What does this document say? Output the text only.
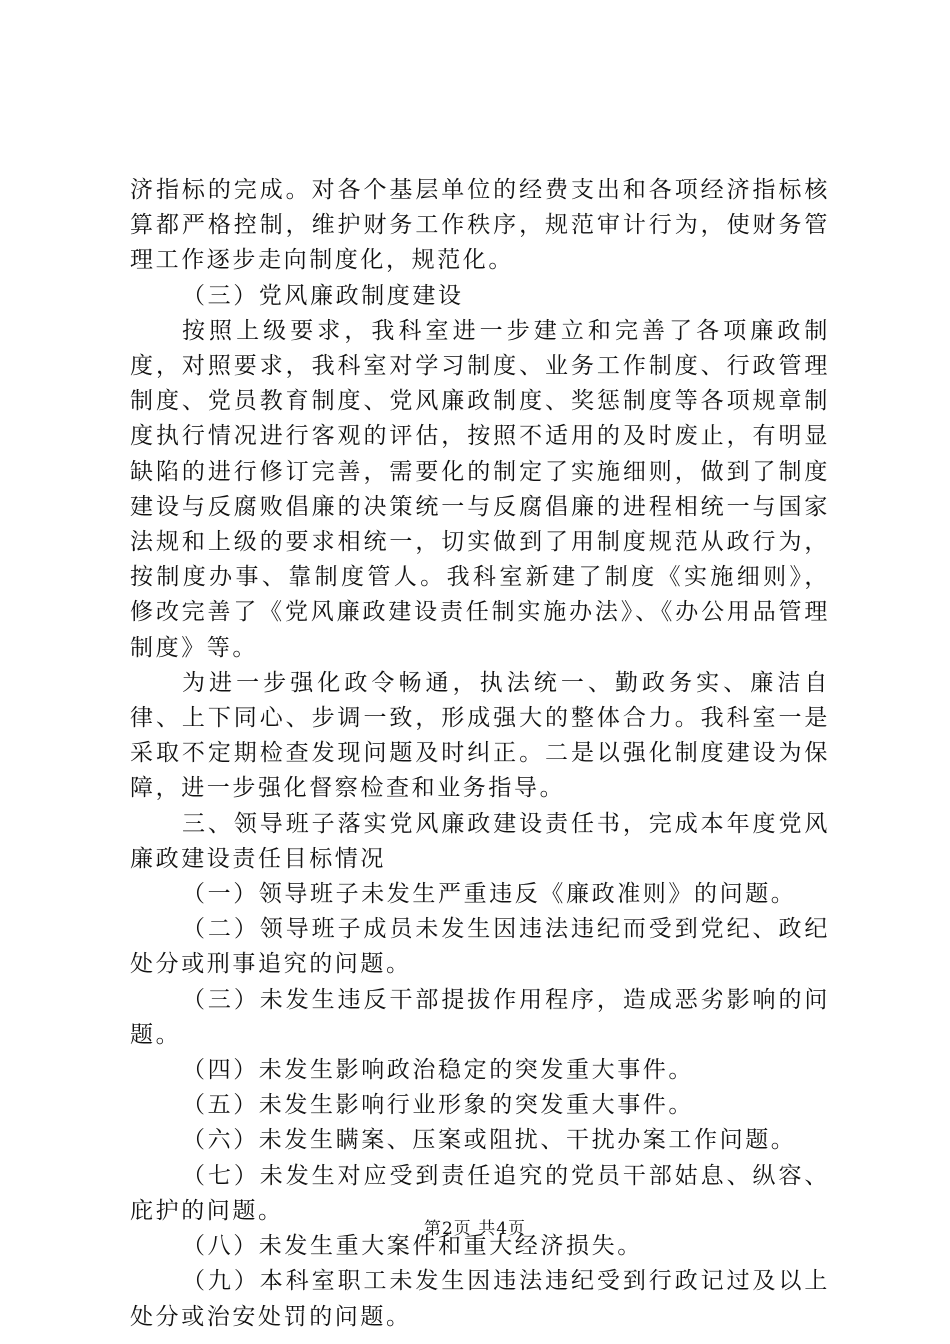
济指标的完成。对各个基层单位的经费支出和各项经济指标核算都严格控制，维护财务工作秩序，规范审计行为，使财务管理工作逐步走向制度化，规范化。

（三）党风廉政制度建设

按照上级要求，我科室进一步建立和完善了各项廉政制度，对照要求，我科室对学习制度、业务工作制度、行政管理制度、党员教育制度、党风廉政制度、奖惩制度等各项规章制度执行情况进行客观的评估，按照不适用的及时废止，有明显缺陷的进行修订完善，需要化的制定了实施细则，做到了制度建设与反腐败倡廉的决策统一与反腐倡廉的进程相统一与国家法规和上级的要求相统一，切实做到了用制度规范从政行为，按制度办事、靠制度管人。我科室新建了制度《实施细则》，修改完善了《党风廉政建设责任制实施办法》、《办公用品管理制度》等。

为进一步强化政令畅通，执法统一、勤政务实、廉洁自律、上下同心、步调一致，形成强大的整体合力。我科室一是采取不定期检查发现问题及时纠正。二是以强化制度建设为保障，进一步强化督察检查和业务指导。

三、领导班子落实党风廉政建设责任书，完成本年度党风廉政建设责任目标情况

（一）领导班子未发生严重违反《廉政准则》的问题。

（二）领导班子成员未发生因违法违纪而受到党纪、政纪处分或刑事追究的问题。

（三）未发生违反干部提拔作用程序，造成恶劣影响的问题。

（四）未发生影响政治稳定的突发重大事件。

（五）未发生影响行业形象的突发重大事件。

（六）未发生瞒案、压案或阻扰、干扰办案工作问题。

（七）未发生对应受到责任追究的党员干部姑息、纵容、庇护的问题。

（八）未发生重大案件和重大经济损失。

（九）本科室职工未发生因违法违纪受到行政记过及以上处分或治安处罚的问题。

第2页 共4页
